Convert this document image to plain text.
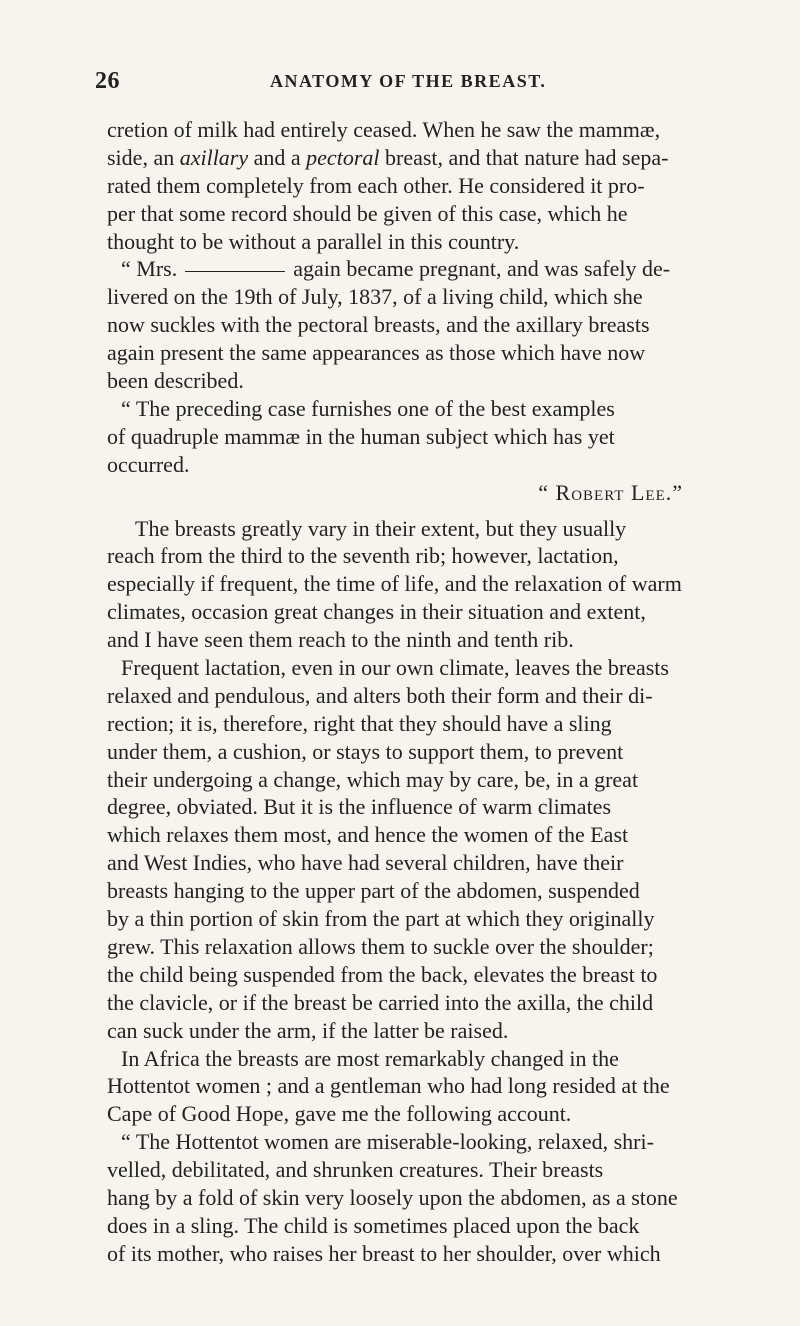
26	ANATOMY OF THE BREAST.
cretion of milk had entirely ceased. When he saw the mammæ,
side, an axillary and a pectoral breast, and that nature had sepa-
rated them completely from each other. He considered it pro-
per that some record should be given of this case, which he
thought to be without a parallel in this country.
“ Mrs.	again became pregnant, and was safely de-
livered on the 19th of July, 1837, of a living child, which she
now suckles with the pectoral breasts, and the axillary breasts
again present the same appearances as those which have now
been described.
“ The preceding case furnishes one of the best examples
of quadruple mammæ in the human subject which has yet
occurred.
“ Robert Lee.”
The breasts greatly vary in their extent, but they usually
reach from the third to the seventh rib; however, lactation,
especially if frequent, the time of life, and the relaxation of warm
climates, occasion great changes in their situation and extent,
and I have seen them reach to the ninth and tenth rib.
Frequent lactation, even in our own climate, leaves the breasts
relaxed and pendulous, and alters both their form and their di-
rection; it is, therefore, right that they should have a sling
under them, a cushion, or stays to support them, to prevent
their undergoing a change, which may by care, be, in a great
degree, obviated. But it is the influence of warm climates
which relaxes them most, and hence the women of the East
and West Indies, who have had several children, have their
breasts hanging to the upper part of the abdomen, suspended
by a thin portion of skin from the part at which they originally
grew. This relaxation allows them to suckle over the shoulder;
the child being suspended from the back, elevates the breast to
the clavicle, or if the breast be carried into the axilla, the child
can suck under the arm, if the latter be raised.
In Africa the breasts are most remarkably changed in the
Hottentot women ; and a gentleman who had long resided at the
Cape of Good Hope, gave me the following account.
“ The Hottentot women are miserable-looking, relaxed, shri-
velled, debilitated, and shrunken creatures. Their breasts
hang by a fold of skin very loosely upon the abdomen, as a stone
does in a sling. The child is sometimes placed upon the back
of its mother, who raises her breast to her shoulder, over which
